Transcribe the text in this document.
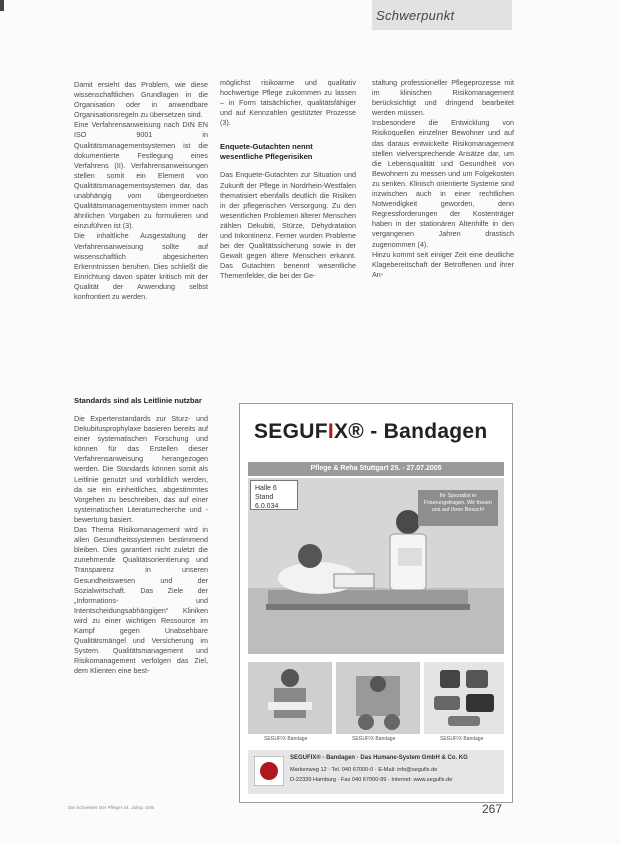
Schwerpunkt

Damit ersieht das Problem, wie diese wissenschaftlichen Grundlagen in die Organisation oder in anwendbare Organisationsregeln zu übersetzen sind.

Eine Verfahrensanweisung nach DIN EN ISO 9001 in Qualitätsmanagementsystemen ist die dokumentierte Festlegung eines Verfahrens (II). Verfahrensanweisungen stellen somit ein Element von Qualitätsmanagementsystemen dar, das unabhängig vom übergeordneten Qualitätsmanagementsystem immer nach ähnlichen Vorgaben zu formulieren und einzuführen ist (3).

Die inhaltliche Ausgestaltung der Verfahrensanweisung sollte auf wissenschaftlich abgesicherten Erkenntnissen beruhen. Dies schließt die Einrichtung davon später kritisch mit der Qualität der Anwendung selbst konfrontiert zu werden.

möglichst risikoarme und qualitativ hochwertige Pflege zukommen zu lassen – in Form tatsächlicher, qualitätsfähiger und auf Kennzahlen gestützter Prozesse (3).

Enquete-Gutachten nennt wesentliche Pflegerisiken

Das Enquete-Gutachten zur Situation und Zukunft der Pflege in Nordrhein-Westfalen thematisiert ebenfalls deutlich die Risiken in der pflegerischen Versorgung. Zu den wesentlichen Problemen älterer Menschen zählen Dekubiti, Stürze, Dehydratation und Inkontinenz. Ferner wurden Probleme bei der Qualitätssicherung sowie in der Gewalt gegen ältere Menschen erkannt. Das Gutachten benennt wesentliche Themenfelder, die bei der Ge-

staltung professioneller Pflegeprozesse mit im klinischen Risikomanagement berücksichtigt und dringend bearbeitet werden müssen.

Insbesondere die Entwicklung von Risikoquellen einzelner Bewohner und auf das daraus entwickelte Risikomanagement stellen vielversprechende Ansätze dar, um die Lebensqualität und Gesundheit von Bewohnern zu messen und um Folgekosten zu senken. Klinisch orientierte Systeme sind inzwischen auch in einer rechtlichen Notwendigkeit geworden, denn Regressforderungen der Kostenträger haben in der stationären Altenhilfe in den vergangenen Jahren drastisch zugenommen (4).

Hinzu kommt seit einiger Zeit eine deutliche Klagebereitschaft der Betroffenen und ihrer An-

Standards sind als Leitlinie nutzbar

Die Expertenstandards zur Sturz- und Dekubitusprophylaxe basieren bereits auf einer systematischen Forschung und können für das Erstellen dieser Verfahrensanweisung herangezogen werden. Die Standards können somit als Leitlinie genutzt und vorbildlich werden, da sie ein einheitliches, abgestimmtes Vorgehen zu beschreiben, das auf einer systematischen Literaturrecherche und -bewertung basiert.

Das Thema Risikomanagement wird in allen Gesundheitssystemen bestimmend bleiben. Dies garantiert nicht zuletzt die zunehmende Qualitätsorientierung und Transparenz in unseren Gesundheitswesen und der Sozialwirtschaft. Das Ziele der „Informations- und Intentscheidungsabhängigen“ Kliniken wird zu einer wichtigen Ressource im Kampf gegen Unabsehbare Qualitätsmängel und Versicherung im System. Qualitätsmanagement und Risikomanagement verfolgen das Ziel, dem Klienten eine best-

SEGUFIX® - Bandagen
Pflege & Reha Stuttgart 25. - 27.07.2005
Halle 6
Stand 6.0.034
Ihr Spezialist in Fixierungsfragen. Wir freuen uns auf Ihren Besuch!
SEGUFIX Bandage	SEGUFIX Bandage	SEGUFIX Bandage
SEGUFIX® - Bandagen · Das Humane-System GmbH & Co. KG
Markenweg 12 · Tel. 040 67000-0 · E-Mail: info@segufix.de
D-22339 Hamburg · Fax 040 67000-99 · Internet: www.segufix.de
Die Schwester Der Pfleger 44. Jahrg. 4/05	267
